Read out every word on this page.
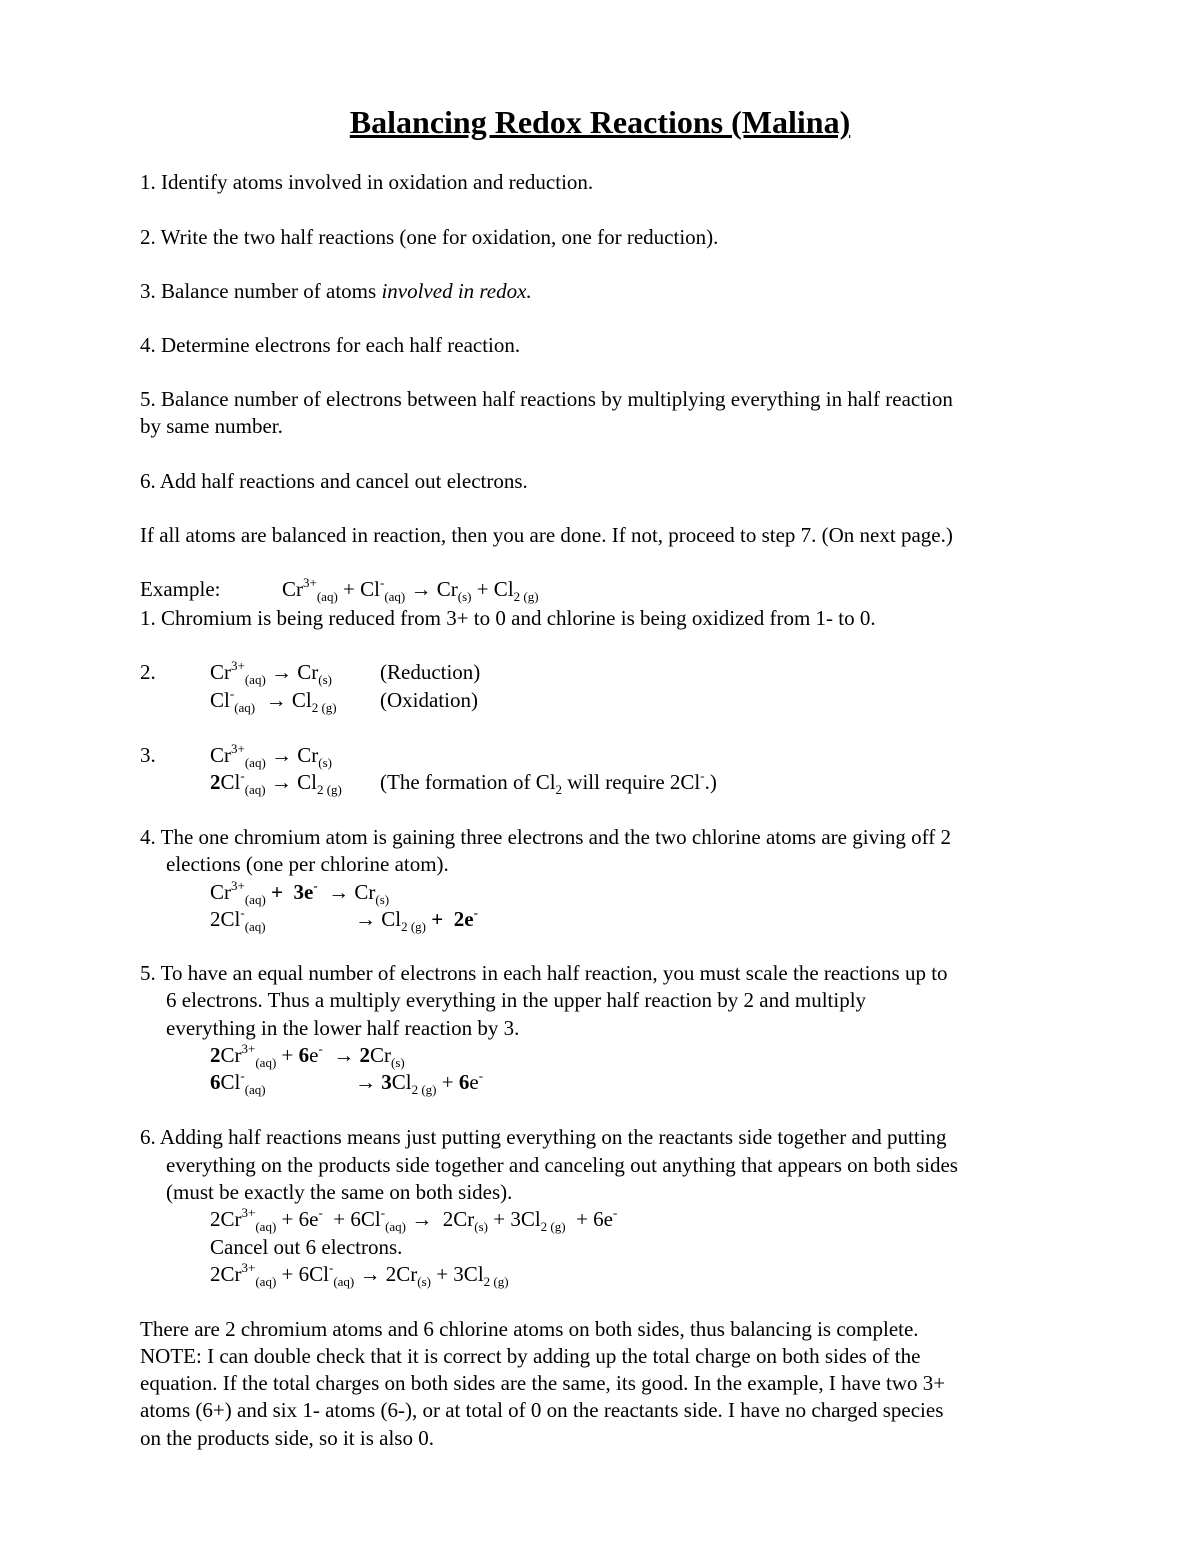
Balancing Redox Reactions (Malina)
1. Identify atoms involved in oxidation and reduction.
2. Write the two half reactions (one for oxidation, one for reduction).
3. Balance number of atoms involved in redox.
4. Determine electrons for each half reaction.
5. Balance number of electrons between half reactions by multiplying everything in half reaction
by same number.
6. Add half reactions and cancel out electrons.
If all atoms are balanced in reaction, then you are done. If not, proceed to step 7. (On next page.)
Example:	$Cr^{3+}_{(aq)} + Cl^-_{(aq)} \to Cr_{(s)} + Cl_{2 (g)}$
1. Chromium is being reduced from 3+ to 0 and chlorine is being oxidized from 1- to 0.
2.	$Cr^{3+}_{(aq)} \to Cr_{(s)}$ (Reduction)
$Cl^-_{(aq)} \to Cl_{2 (g)}$ (Oxidation)
3.	$Cr^{3+}_{(aq)} \to Cr_{(s)}$
$2Cl^-_{(aq)} \to Cl_{2 (g)}$ (The formation of $Cl_2$ will require 2Cl-.)
4. The one chromium atom is gaining three electrons and the two chlorine atoms are giving off 2
elections (one per chlorine atom).
$Cr^{3+}_{(aq)} + 3e^- \to Cr_{(s)}$
$2Cl^-_{(aq)}$	→ $Cl_{2 (g)} + 2e^-$
5. To have an equal number of electrons in each half reaction, you must scale the reactions up to
6 electrons. Thus a multiply everything in the upper half reaction by 2 and multiply
everything in the lower half reaction by 3.
$2Cr^{3+}_{(aq)} + 6e^- \to 2Cr_{(s)}$
$6Cl^-_{(aq)}$	→ $3Cl_{2 (g)} + 6e^-$
6. Adding half reactions means just putting everything on the reactants side together and putting
everything on the products side together and canceling out anything that appears on both sides
(must be exactly the same on both sides).
$2Cr^{3+}_{(aq)} + 6e^- + 6Cl^-_{(aq)} \to 2Cr_{(s)} + 3Cl_{2 (g)} + 6e^-$
Cancel out 6 electrons.
$2Cr^{3+}_{(aq)} + 6Cl^-_{(aq)} \to 2Cr_{(s)} + 3Cl_{2 (g)}$
There are 2 chromium atoms and 6 chlorine atoms on both sides, thus balancing is complete.
NOTE: I can double check that it is correct by adding up the total charge on both sides of the
equation. If the total charges on both sides are the same, its good. In the example, I have two 3+
atoms (6+) and six 1- atoms (6-), or at total of 0 on the reactants side. I have no charged species
on the products side, so it is also 0.
